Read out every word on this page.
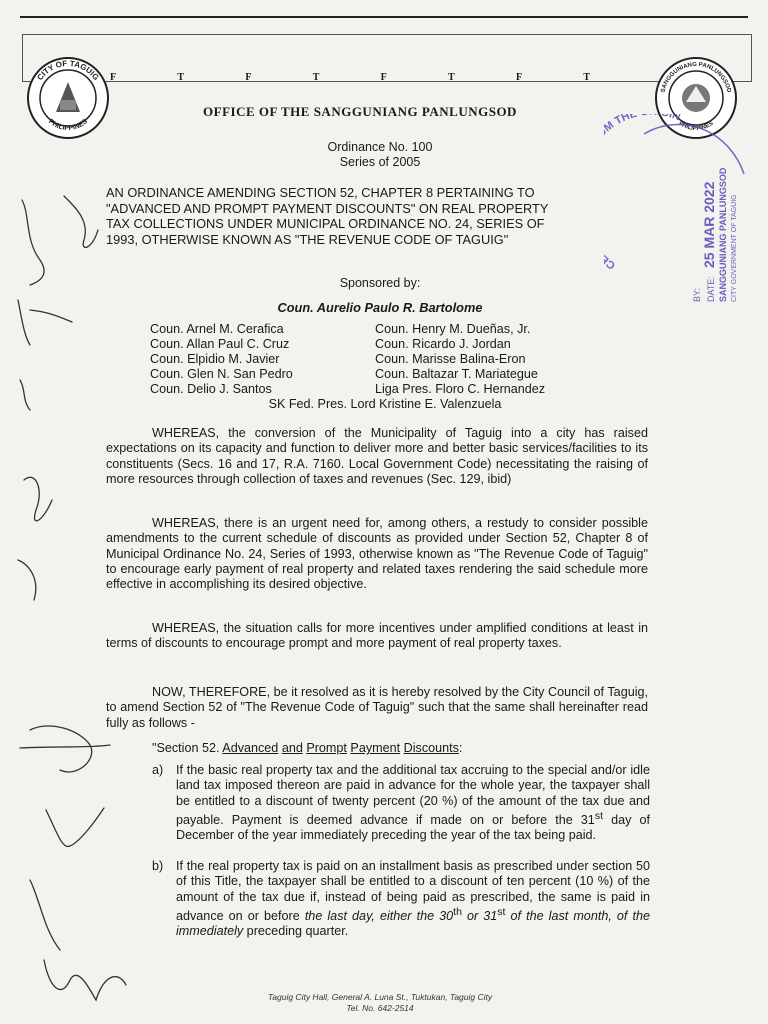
CITY OF TAGUIG
PHILIPPINES
F	T	F	T	F	T	F	T
SANGGUNIANG PANLUNGSOD
PHILIPPINES
OFFICE OF THE SANGGUNIANG PANLUNGSOD
Ordinance No. 100
Series of 2005
AN ORDINANCE AMENDING SECTION 52, CHAPTER 8 PERTAINING TO
"ADVANCED AND PROMPT PAYMENT DISCOUNTS" ON REAL PROPERTY
TAX COLLECTIONS UNDER MUNICIPAL ORDINANCE NO. 24, SERIES OF
1993, OTHERWISE KNOWN AS "THE REVENUE CODE OF TAGUIG"
Sponsored by:
Coun. Aurelio Paulo R. Bartolome
Coun. Arnel M. Cerafica	Coun. Henry M. Dueñas, Jr.
Coun. Allan Paul C. Cruz	Coun. Ricardo J. Jordan
Coun. Elpidio M. Javier	Coun. Marisse Balina-Eron
Coun. Glen N. San Pedro	Coun. Baltazar T. Mariategue
Coun. Delio J. Santos	Liga Pres. Floro C. Hernandez
SK Fed. Pres. Lord Kristine E. Valenzuela
WHEREAS, the conversion of the Municipality of Taguig into a city has raised expectations on its capacity and function to deliver more and better basic services/facilities to its constituents (Secs. 16 and 17, R.A. 7160. Local Government Code) necessitating the raising of more resources through collection of taxes and revenues (Sec. 129, ibid)
WHEREAS, there is an urgent need for, among others, a restudy to consider possible amendments to the current schedule of discounts as provided under Section 52, Chapter 8 of Municipal Ordinance No. 24, Series of 1993, otherwise known as "The Revenue Code of Taguig" to encourage early payment of real property and related taxes rendering the said schedule more effective in accomplishing its desired objective.
WHEREAS, the situation calls for more incentives under amplified conditions at least in terms of discounts to encourage prompt and more payment of real property taxes.
NOW, THEREFORE, be it resolved as it is hereby resolved by the City Council of Taguig, to amend Section 52 of "The Revenue Code of Taguig" such that the same shall hereinafter read fully as follows -
"Section 52. Advanced and Prompt Payment Discounts:
a)	If the basic real property tax and the additional tax accruing to the special and/or idle land tax imposed thereon are paid in advance for the whole year, the taxpayer shall be entitled to a discount of twenty percent (20 %) of the amount of the tax due and payable. Payment is deemed advance if made on or before the 31st day of December of the year immediately preceding the year of the tax being paid.
b)	If the real property tax is paid on an installment basis as prescribed under section 50 of this Title, the taxpayer shall be entitled to a discount of ten percent (10 %) of the amount of the tax due if, instead of being paid as prescribed, the same is paid in advance on or before the last day, either the 30th or 31st of the last month, of the immediately preceding quarter.
Taguig City Hall, General A. Luna St., Tuktukan, Taguig City
Tel. No. 642-2514
C THE IN
BY: DATE:
25 MAR 2022 SANGGUNIANG PANLUNGSOD CITY GOVERNMENT OF TAGUIG
